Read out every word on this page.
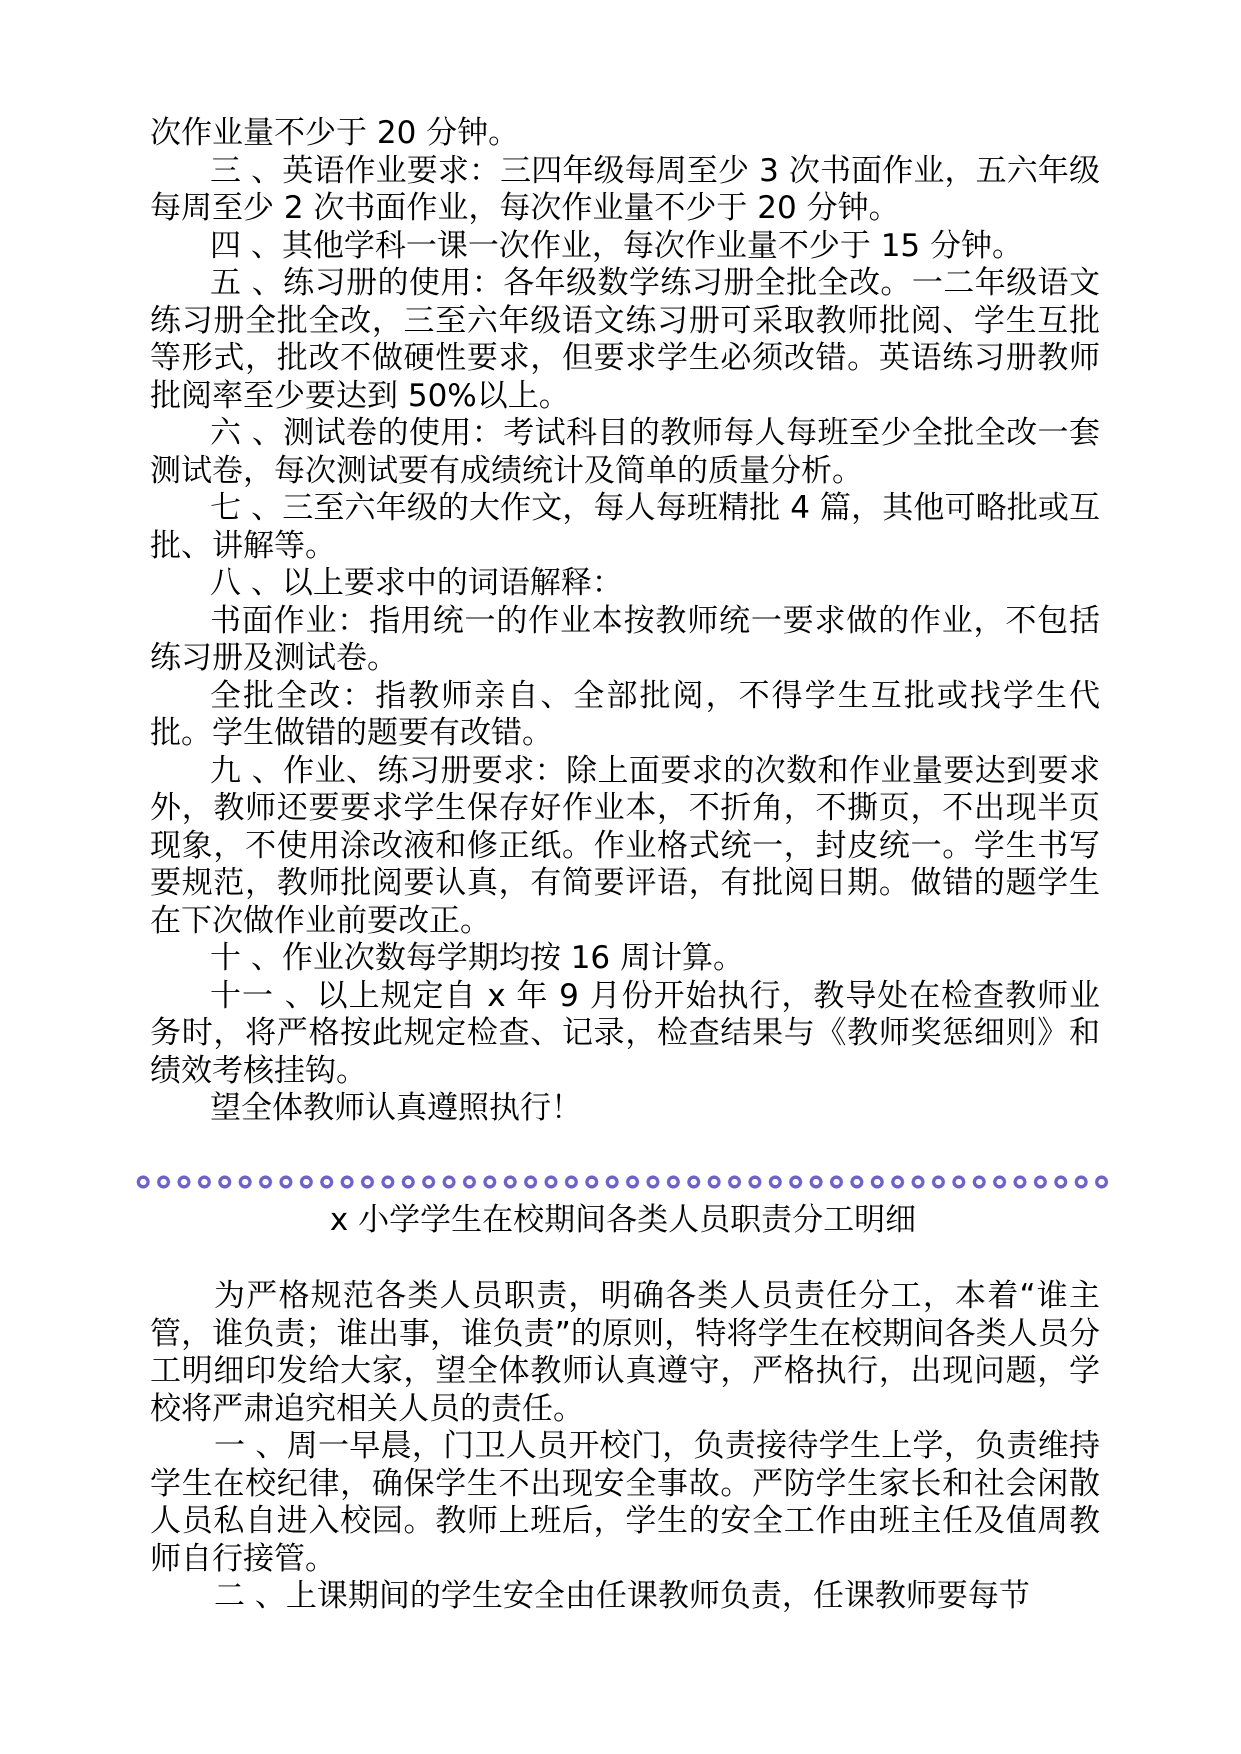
次作业量不少于 20 分钟。

三 、英语作业要求：三四年级每周至少 3 次书面作业，五六年级每周至少 2 次书面作业，每次作业量不少于 20 分钟。

四 、其他学科一课一次作业，每次作业量不少于 15 分钟。

五 、练习册的使用：各年级数学练习册全批全改。一二年级语文练习册全批全改，三至六年级语文练习册可采取教师批阅、学生互批等形式，批改不做硬性要求，但要求学生必须改错。英语练习册教师批阅率至少要达到 50%以上。

六 、测试卷的使用：考试科目的教师每人每班至少全批全改一套测试卷，每次测试要有成绩统计及简单的质量分析。

七 、三至六年级的大作文，每人每班精批 4 篇，其他可略批或互批、讲解等。

八 、以上要求中的词语解释：

书面作业：指用统一的作业本按教师统一要求做的作业，不包括练习册及测试卷。

全批全改：指教师亲自、全部批阅，不得学生互批或找学生代批。学生做错的题要有改错。

九 、作业、练习册要求：除上面要求的次数和作业量要达到要求外，教师还要要求学生保存好作业本，不折角，不撕页，不出现半页现象，不使用涂改液和修正纸。作业格式统一，封皮统一。学生书写要规范，教师批阅要认真，有简要评语，有批阅日期。做错的题学生在下次做作业前要改正。

十 、作业次数每学期均按 16 周计算。

十一 、以上规定自 x 年 9 月份开始执行，教导处在检查教师业务时，将严格按此规定检查、记录，检查结果与《教师奖惩细则》和绩效考核挂钩。

望全体教师认真遵照执行！

x 小学学生在校期间各类人员职责分工明细

为严格规范各类人员职责，明确各类人员责任分工，本着“谁主管，谁负责；谁出事，谁负责”的原则，特将学生在校期间各类人员分工明细印发给大家，望全体教师认真遵守，严格执行，出现问题，学校将严肃追究相关人员的责任。

一 、周一早晨，门卫人员开校门，负责接待学生上学，负责维持学生在校纪律，确保学生不出现安全事故。严防学生家长和社会闲散人员私自进入校园。教师上班后，学生的安全工作由班主任及值周教师自行接管。

二 、上课期间的学生安全由任课教师负责，任课教师要每节
